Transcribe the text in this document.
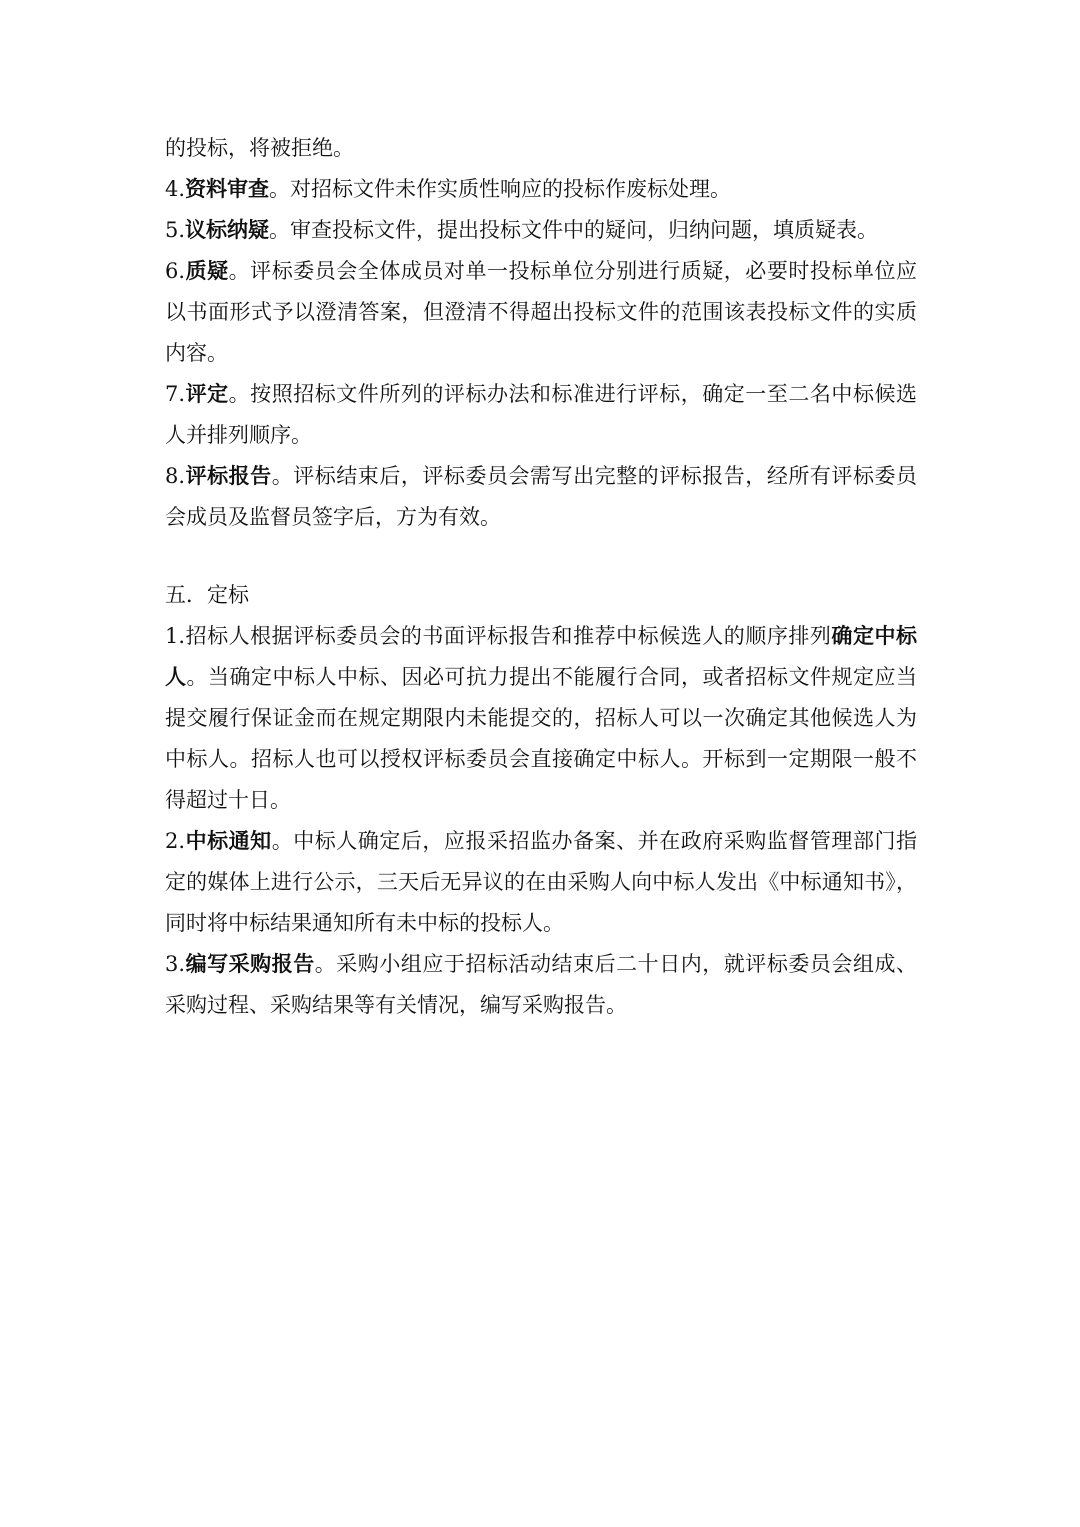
的投标，将被拒绝。

4.资料审查。对招标文件未作实质性响应的投标作废标处理。

5.议标纳疑。审查投标文件，提出投标文件中的疑问，归纳问题，填质疑表。

6.质疑。评标委员会全体成员对单一投标单位分别进行质疑，必要时投标单位应以书面形式予以澄清答案，但澄清不得超出投标文件的范围该表投标文件的实质内容。

7.评定。按照招标文件所列的评标办法和标准进行评标，确定一至二名中标候选人并排列顺序。

8.评标报告。评标结束后，评标委员会需写出完整的评标报告，经所有评标委员会成员及监督员签字后，方为有效。

五．定标

1.招标人根据评标委员会的书面评标报告和推荐中标候选人的顺序排列确定中标人。当确定中标人中标、因必可抗力提出不能履行合同，或者招标文件规定应当提交履行保证金而在规定期限内未能提交的，招标人可以一次确定其他候选人为中标人。招标人也可以授权评标委员会直接确定中标人。开标到一定期限一般不得超过十日。

2.中标通知。中标人确定后，应报采招监办备案、并在政府采购监督管理部门指定的媒体上进行公示，三天后无异议的在由采购人向中标人发出《中标通知书》，同时将中标结果通知所有未中标的投标人。

3.编写采购报告。采购小组应于招标活动结束后二十日内，就评标委员会组成、采购过程、采购结果等有关情况，编写采购报告。
